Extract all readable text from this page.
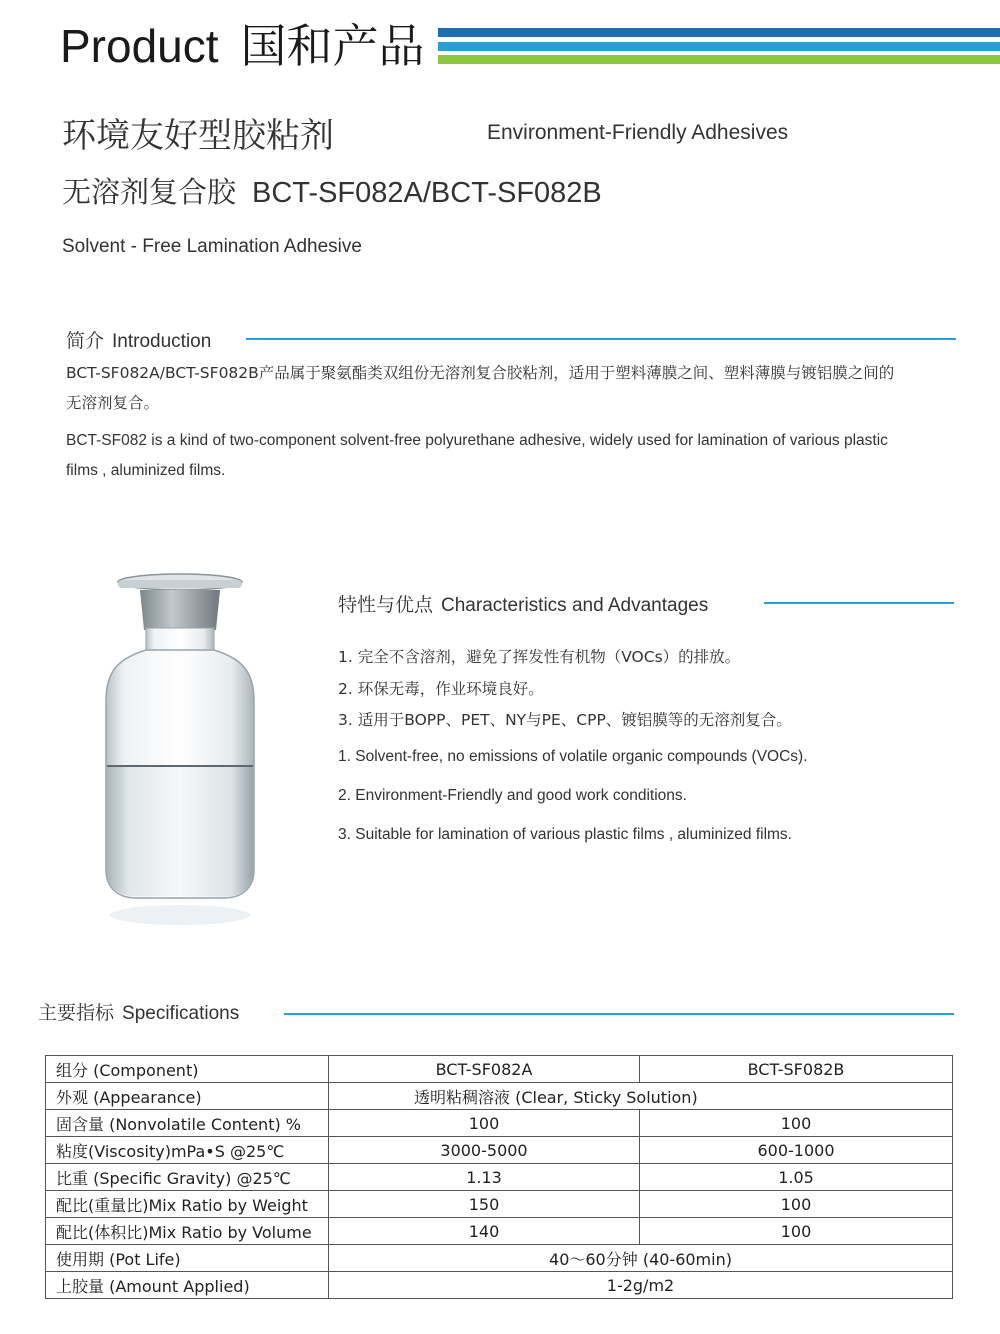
Product 国和产品
环境友好型胶粘剂	Environment-Friendly Adhesives
无溶剂复合胶 BCT-SF082A/BCT-SF082B
Solvent - Free Lamination Adhesive
简介 Introduction
BCT-SF082A/BCT-SF082B产品属于聚氨酯类双组份无溶剂复合胶粘剂，适用于塑料薄膜之间、塑料薄膜与镀铝膜之间的
无溶剂复合。
BCT-SF082 is a kind of two-component solvent-free polyurethane adhesive, widely used for lamination of various plastic
films , aluminized films.
特性与优点 Characteristics and Advantages
1. 完全不含溶剂，避免了挥发性有机物（VOCs）的排放。
2. 环保无毒，作业环境良好。
3. 适用于BOPP、PET、NY与PE、CPP、镀铝膜等的无溶剂复合。
1. Solvent-free, no emissions of volatile organic compounds (VOCs).
2. Environment-Friendly and good work conditions.
3. Suitable for lamination of various plastic films , aluminized films.
主要指标 Specifications
组分 (Component)	BCT-SF082A	BCT-SF082B
外观 (Appearance)	透明粘稠溶液 (Clear, Sticky Solution)	
固含量 (Nonvolatile Content) %	100	100
粘度(Viscosity)mPa•S @25℃	3000-5000	600-1000
比重 (Specific Gravity) @25℃	1.13	1.05
配比(重量比)Mix Ratio by Weight	150	100
配比(体积比)Mix Ratio by Volume	140	100
使用期 (Pot Life)	40～60分钟 (40-60min)	
上胶量 (Amount Applied)	1-2g/m2	
